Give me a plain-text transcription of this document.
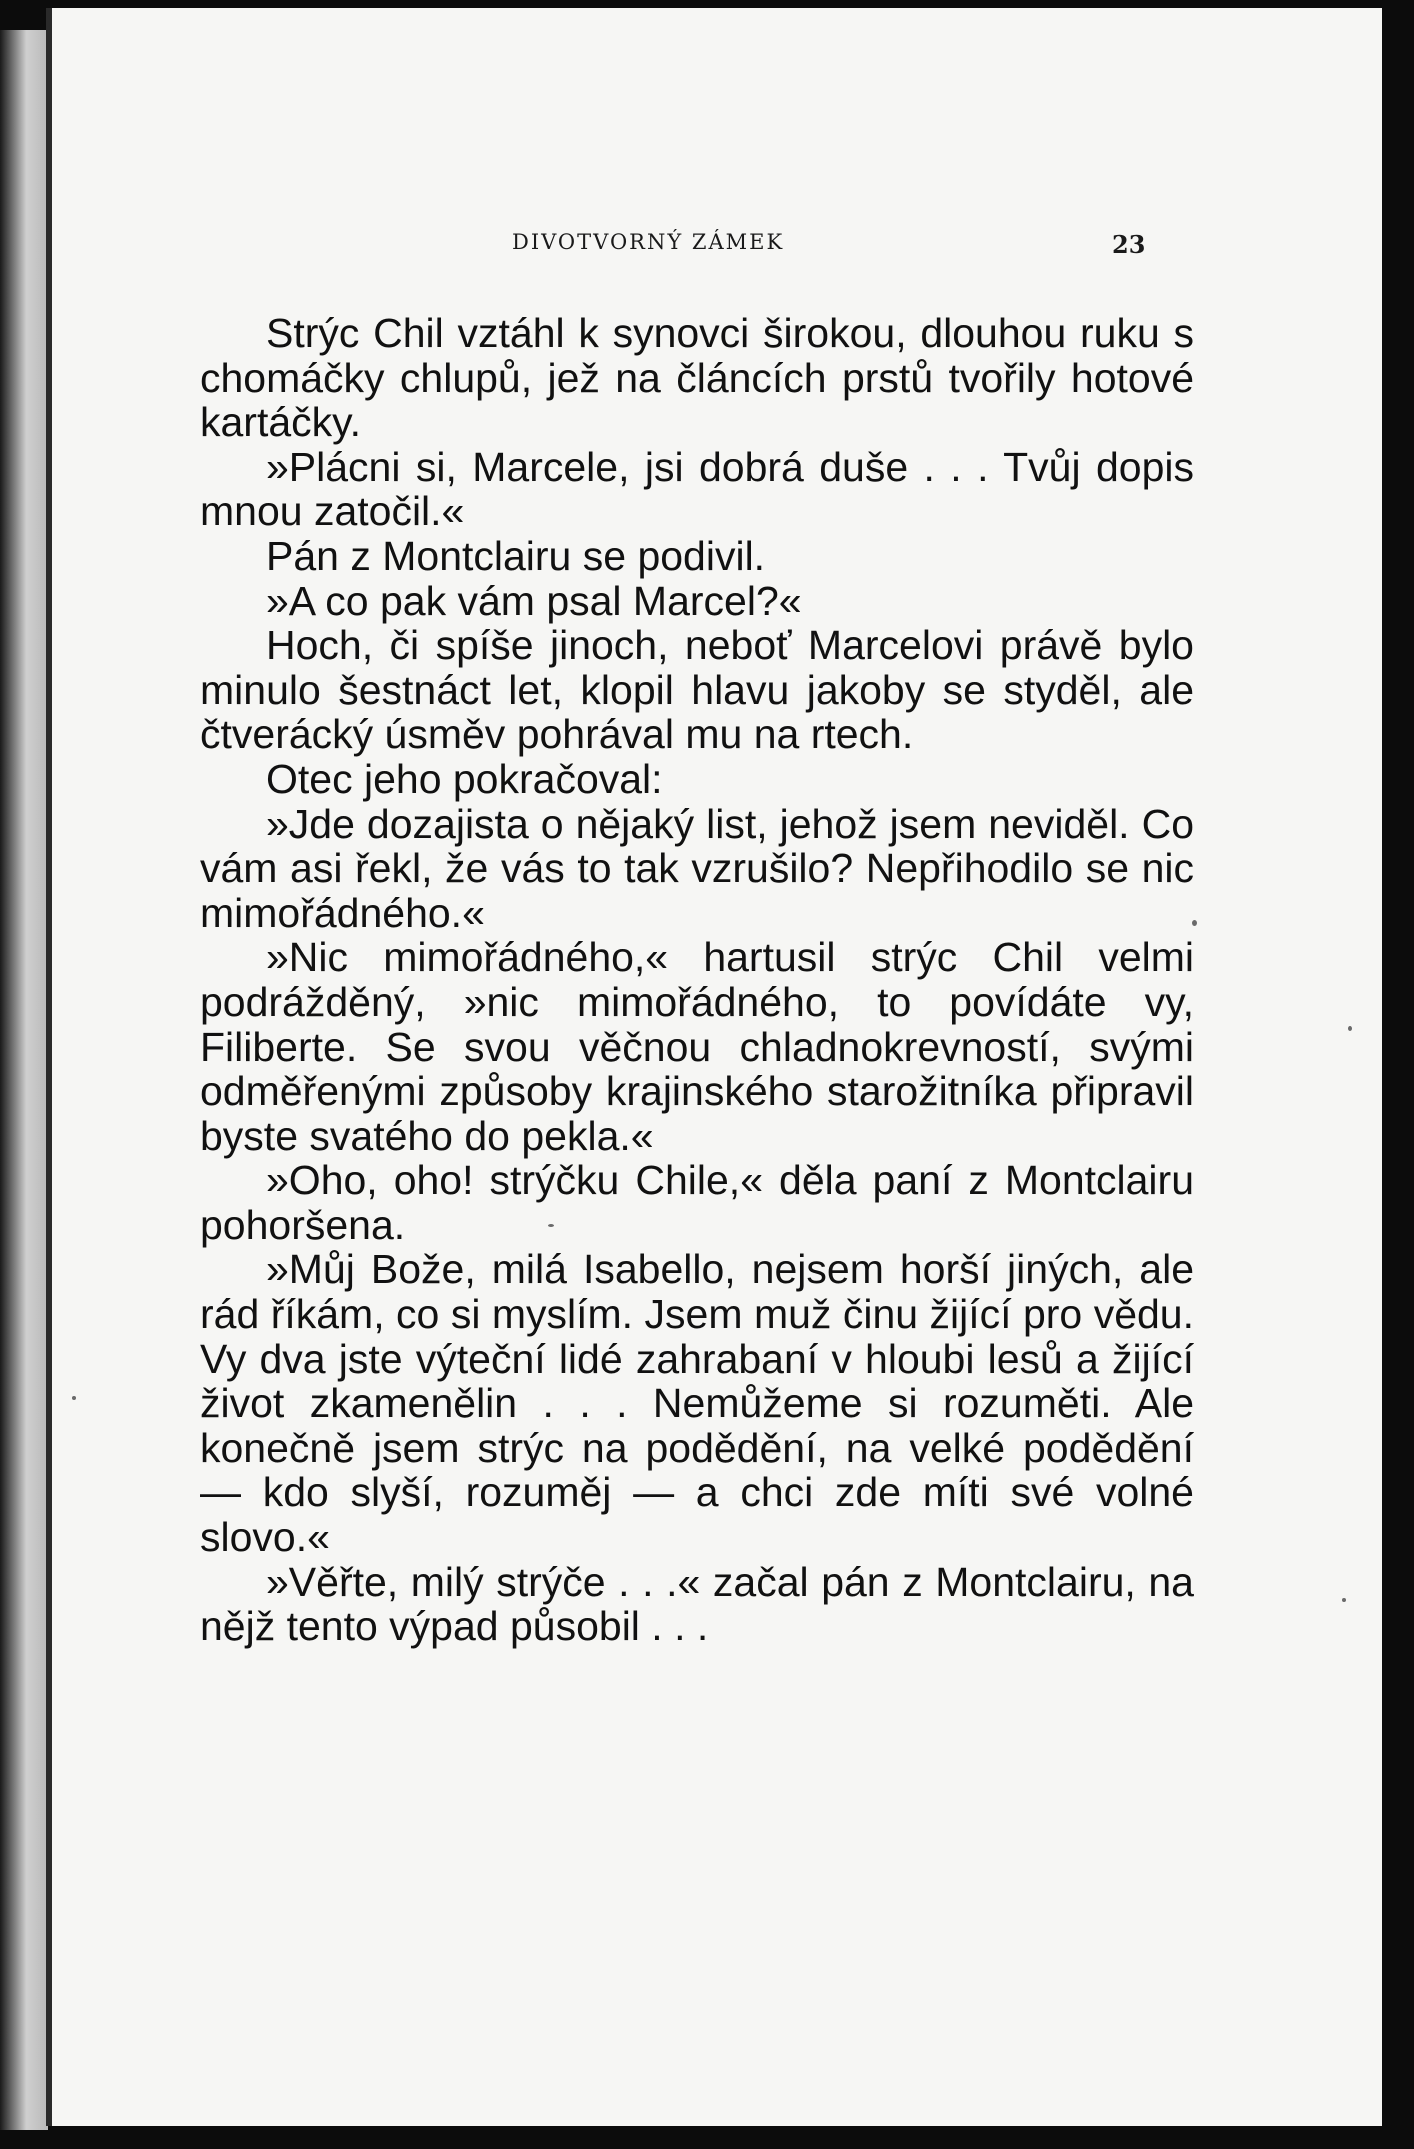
DIVOTVORNÝ ZÁMEK	23

Strýc Chil vztáhl k synovci širokou, dlouhou ruku s chomáčky chlupů, jež na článcích prstů tvořily hotové kartáčky.

»Plácni si, Marcele, jsi dobrá duše . . . Tvůj dopis mnou zatočil.«

Pán z Montclairu se podivil.

»A co pak vám psal Marcel?«

Hoch, či spíše jinoch, neboť Marcelovi právě bylo minulo šestnáct let, klopil hlavu jakoby se styděl, ale čtverácký úsměv pohrával mu na rtech.

Otec jeho pokračoval:

»Jde dozajista o nějaký list, jehož jsem neviděl. Co vám asi řekl, že vás to tak vzrušilo? Nepřihodilo se nic mimořádného.«

»Nic mimořádného,« hartusil strýc Chil velmi podrážděný, »nic mimořádného, to povídáte vy, Filiberte. Se svou věčnou chladnokrevností, svými odměřenými způsoby krajinského starožitníka připravil byste svatého do pekla.«

»Oho, oho! strýčku Chile,« děla paní z Montclairu pohoršena.

»Můj Bože, milá Isabello, nejsem horší jiných, ale rád říkám, co si myslím. Jsem muž činu žijící pro vědu. Vy dva jste výteční lidé zahrabaní v hloubi lesů a žijící život zkamenělin . . . Nemůžeme si rozuměti. Ale konečně jsem strýc na podědění, na velké podědění — kdo slyší, rozuměj — a chci zde míti své volné slovo.«

»Věřte, milý strýče . . .« začal pán z Montclairu, na nějž tento výpad působil . . .
